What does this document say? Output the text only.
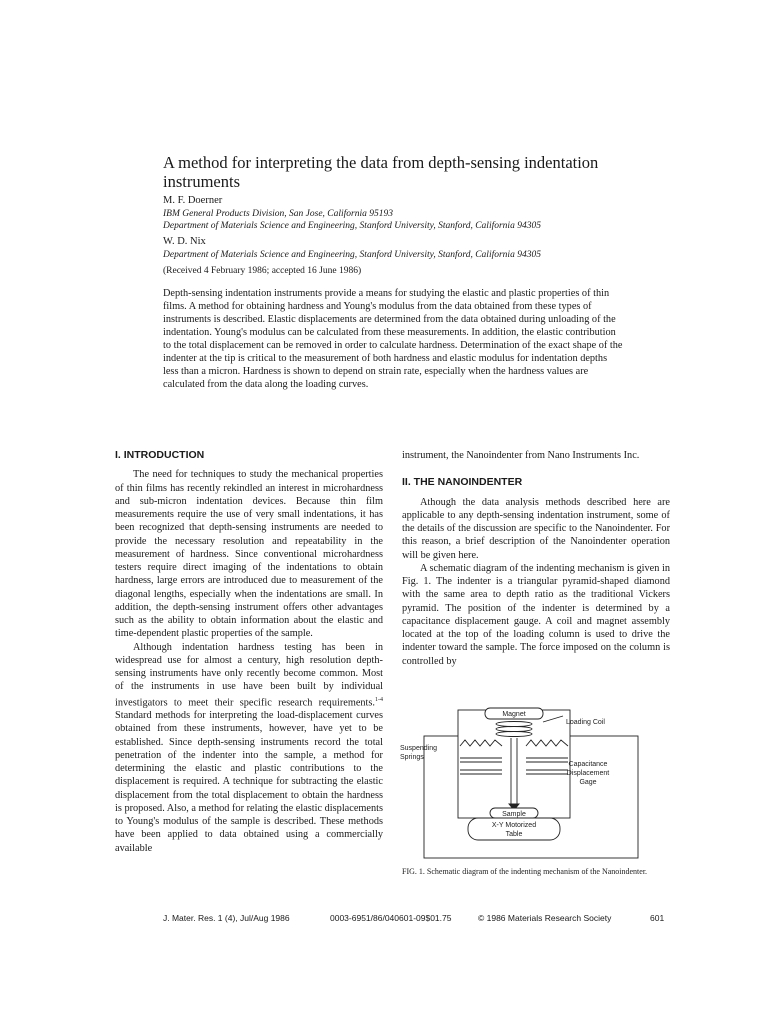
A method for interpreting the data from depth-sensing indentation instruments
M. F. Doerner
IBM General Products Division, San Jose, California 95193
Department of Materials Science and Engineering, Stanford University, Stanford, California 94305
W. D. Nix
Department of Materials Science and Engineering, Stanford University, Stanford, California 94305
(Received 4 February 1986; accepted 16 June 1986)

Depth-sensing indentation instruments provide a means for studying the elastic and plastic properties of thin films. A method for obtaining hardness and Young's modulus from the data obtained from these types of instruments is described. Elastic displacements are determined from the data obtained during unloading of the indentation. Young's modulus can be calculated from these measurements. In addition, the elastic contribution to the total displacement can be removed in order to calculate hardness. Determination of the exact shape of the indenter at the tip is critical to the measurement of both hardness and elastic modulus for indentation depths less than a micron. Hardness is shown to depend on strain rate, especially when the hardness values are calculated from the data along the loading curves.

I. INTRODUCTION

The need for techniques to study the mechanical properties of thin films has recently rekindled an interest in microhardness and sub-micron indentation devices. Because thin film measurements require the use of very small indentations, it has been recognized that depth-sensing instruments are needed to provide the necessary resolution and repeatability in the measurement of hardness. Since conventional microhardness testers require direct imaging of the indentations to obtain hardness, large errors are introduced due to measurement of the diagonal lengths, especially when the indentations are small. In addition, the depth-sensing instrument offers other advantages such as the ability to obtain information about the elastic and time-dependent plastic properties of the sample.

Although indentation hardness testing has been in widespread use for almost a century, high resolution depth-sensing instruments have only recently become common. Most of the instruments in use have been built by individual investigators to meet their specific research requirements.$^{1-4}$ Standard methods for interpreting the load-displacement curves obtained from these instruments, however, have yet to be established. Since depth-sensing instruments record the total penetration of the indenter into the sample, a method for determining the elastic and plastic contributions to the displacement is required. A technique for subtracting the elastic displacement from the total displacement to obtain the hardness is proposed. Also, a method for relating the elastic displacements to Young's modulus of the sample is described. These methods have been applied to data obtained using a commercially available

instrument, the Nanoindenter from Nano Instruments Inc.

II. THE NANOINDENTER

Athough the data analysis methods described here are applicable to any depth-sensing indentation instrument, some of the details of the discussion are specific to the Nanoindenter. For this reason, a brief description of the Nanoindenter operation will be given here.

A schematic diagram of the indenting mechanism is given in Fig. 1. The indenter is a triangular pyramid-shaped diamond with the same area to depth ratio as the traditional Vickers pyramid. The position of the indenter is determined by a capacitance displacement gauge. A coil and magnet assembly located at the top of the loading column is used to drive the indenter toward the sample. The force imposed on the column is controlled by

Magnet
Sample
X-Y Motorized
Table
Loading Coil
Suspending
Springs
Capacitance
Displacement
Gage
FIG. 1. Schematic diagram of the indenting mechanism of the Nanoindenter.
J. Mater. Res. 1 (4), Jul/Aug 1986	0003-6951/86/040601-09$01.75	© 1986 Materials Research Society	601
